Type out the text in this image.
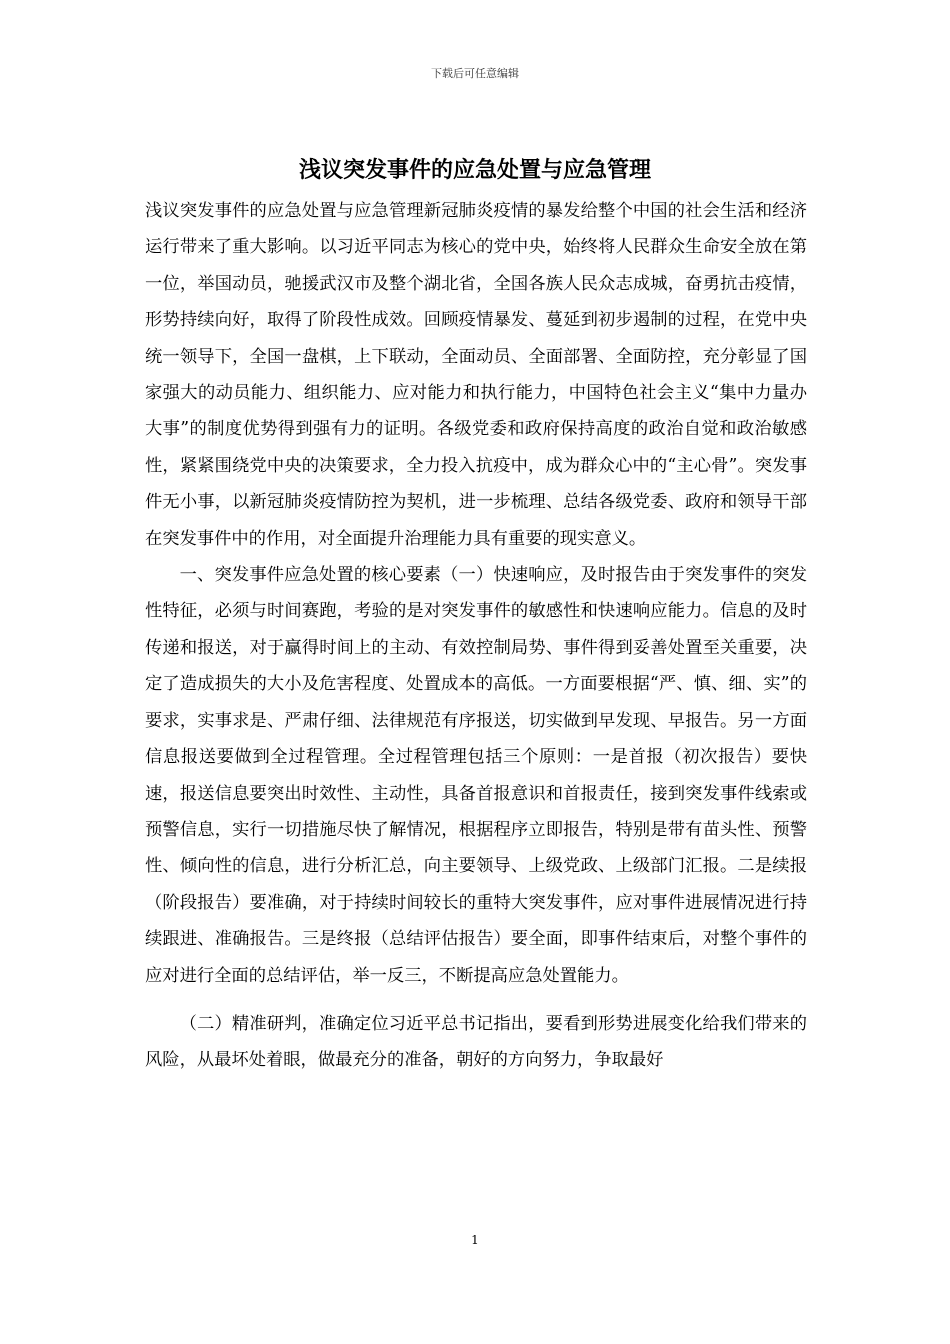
下载后可任意编辑
浅议突发事件的应急处置与应急管理

浅议突发事件的应急处置与应急管理新冠肺炎疫情的暴发给整个中国的社会生活和经济运行带来了重大影响。以习近平同志为核心的党中央，始终将人民群众生命安全放在第一位，举国动员，驰援武汉市及整个湖北省，全国各族人民众志成城，奋勇抗击疫情，形势持续向好，取得了阶段性成效。回顾疫情暴发、蔓延到初步遏制的过程，在党中央统一领导下，全国一盘棋，上下联动，全面动员、全面部署、全面防控，充分彰显了国家强大的动员能力、组织能力、应对能力和执行能力，中国特色社会主义“集中力量办大事”的制度优势得到强有力的证明。各级党委和政府保持高度的政治自觉和政治敏感性，紧紧围绕党中央的决策要求，全力投入抗疫中，成为群众心中的“主心骨”。突发事件无小事，以新冠肺炎疫情防控为契机，进一步梳理、总结各级党委、政府和领导干部在突发事件中的作用，对全面提升治理能力具有重要的现实意义。

一、突发事件应急处置的核心要素（一）快速响应，及时报告由于突发事件的突发性特征，必须与时间赛跑，考验的是对突发事件的敏感性和快速响应能力。信息的及时传递和报送，对于赢得时间上的主动、有效控制局势、事件得到妥善处置至关重要，决定了造成损失的大小及危害程度、处置成本的高低。一方面要根据“严、慎、细、实”的要求，实事求是、严肃仔细、法律规范有序报送，切实做到早发现、早报告。另一方面信息报送要做到全过程管理。全过程管理包括三个原则：一是首报（初次报告）要快速，报送信息要突出时效性、主动性，具备首报意识和首报责任，接到突发事件线索或预警信息，实行一切措施尽快了解情况，根据程序立即报告，特别是带有苗头性、预警性、倾向性的信息，进行分析汇总，向主要领导、上级党政、上级部门汇报。二是续报（阶段报告）要准确，对于持续时间较长的重特大突发事件，应对事件进展情况进行持续跟进、准确报告。三是终报（总结评估报告）要全面，即事件结束后，对整个事件的应对进行全面的总结评估，举一反三，不断提高应急处置能力。

（二）精准研判，准确定位习近平总书记指出，要看到形势进展变化给我们带来的风险，从最坏处着眼，做最充分的准备，朝好的方向努力，争取最好

1
